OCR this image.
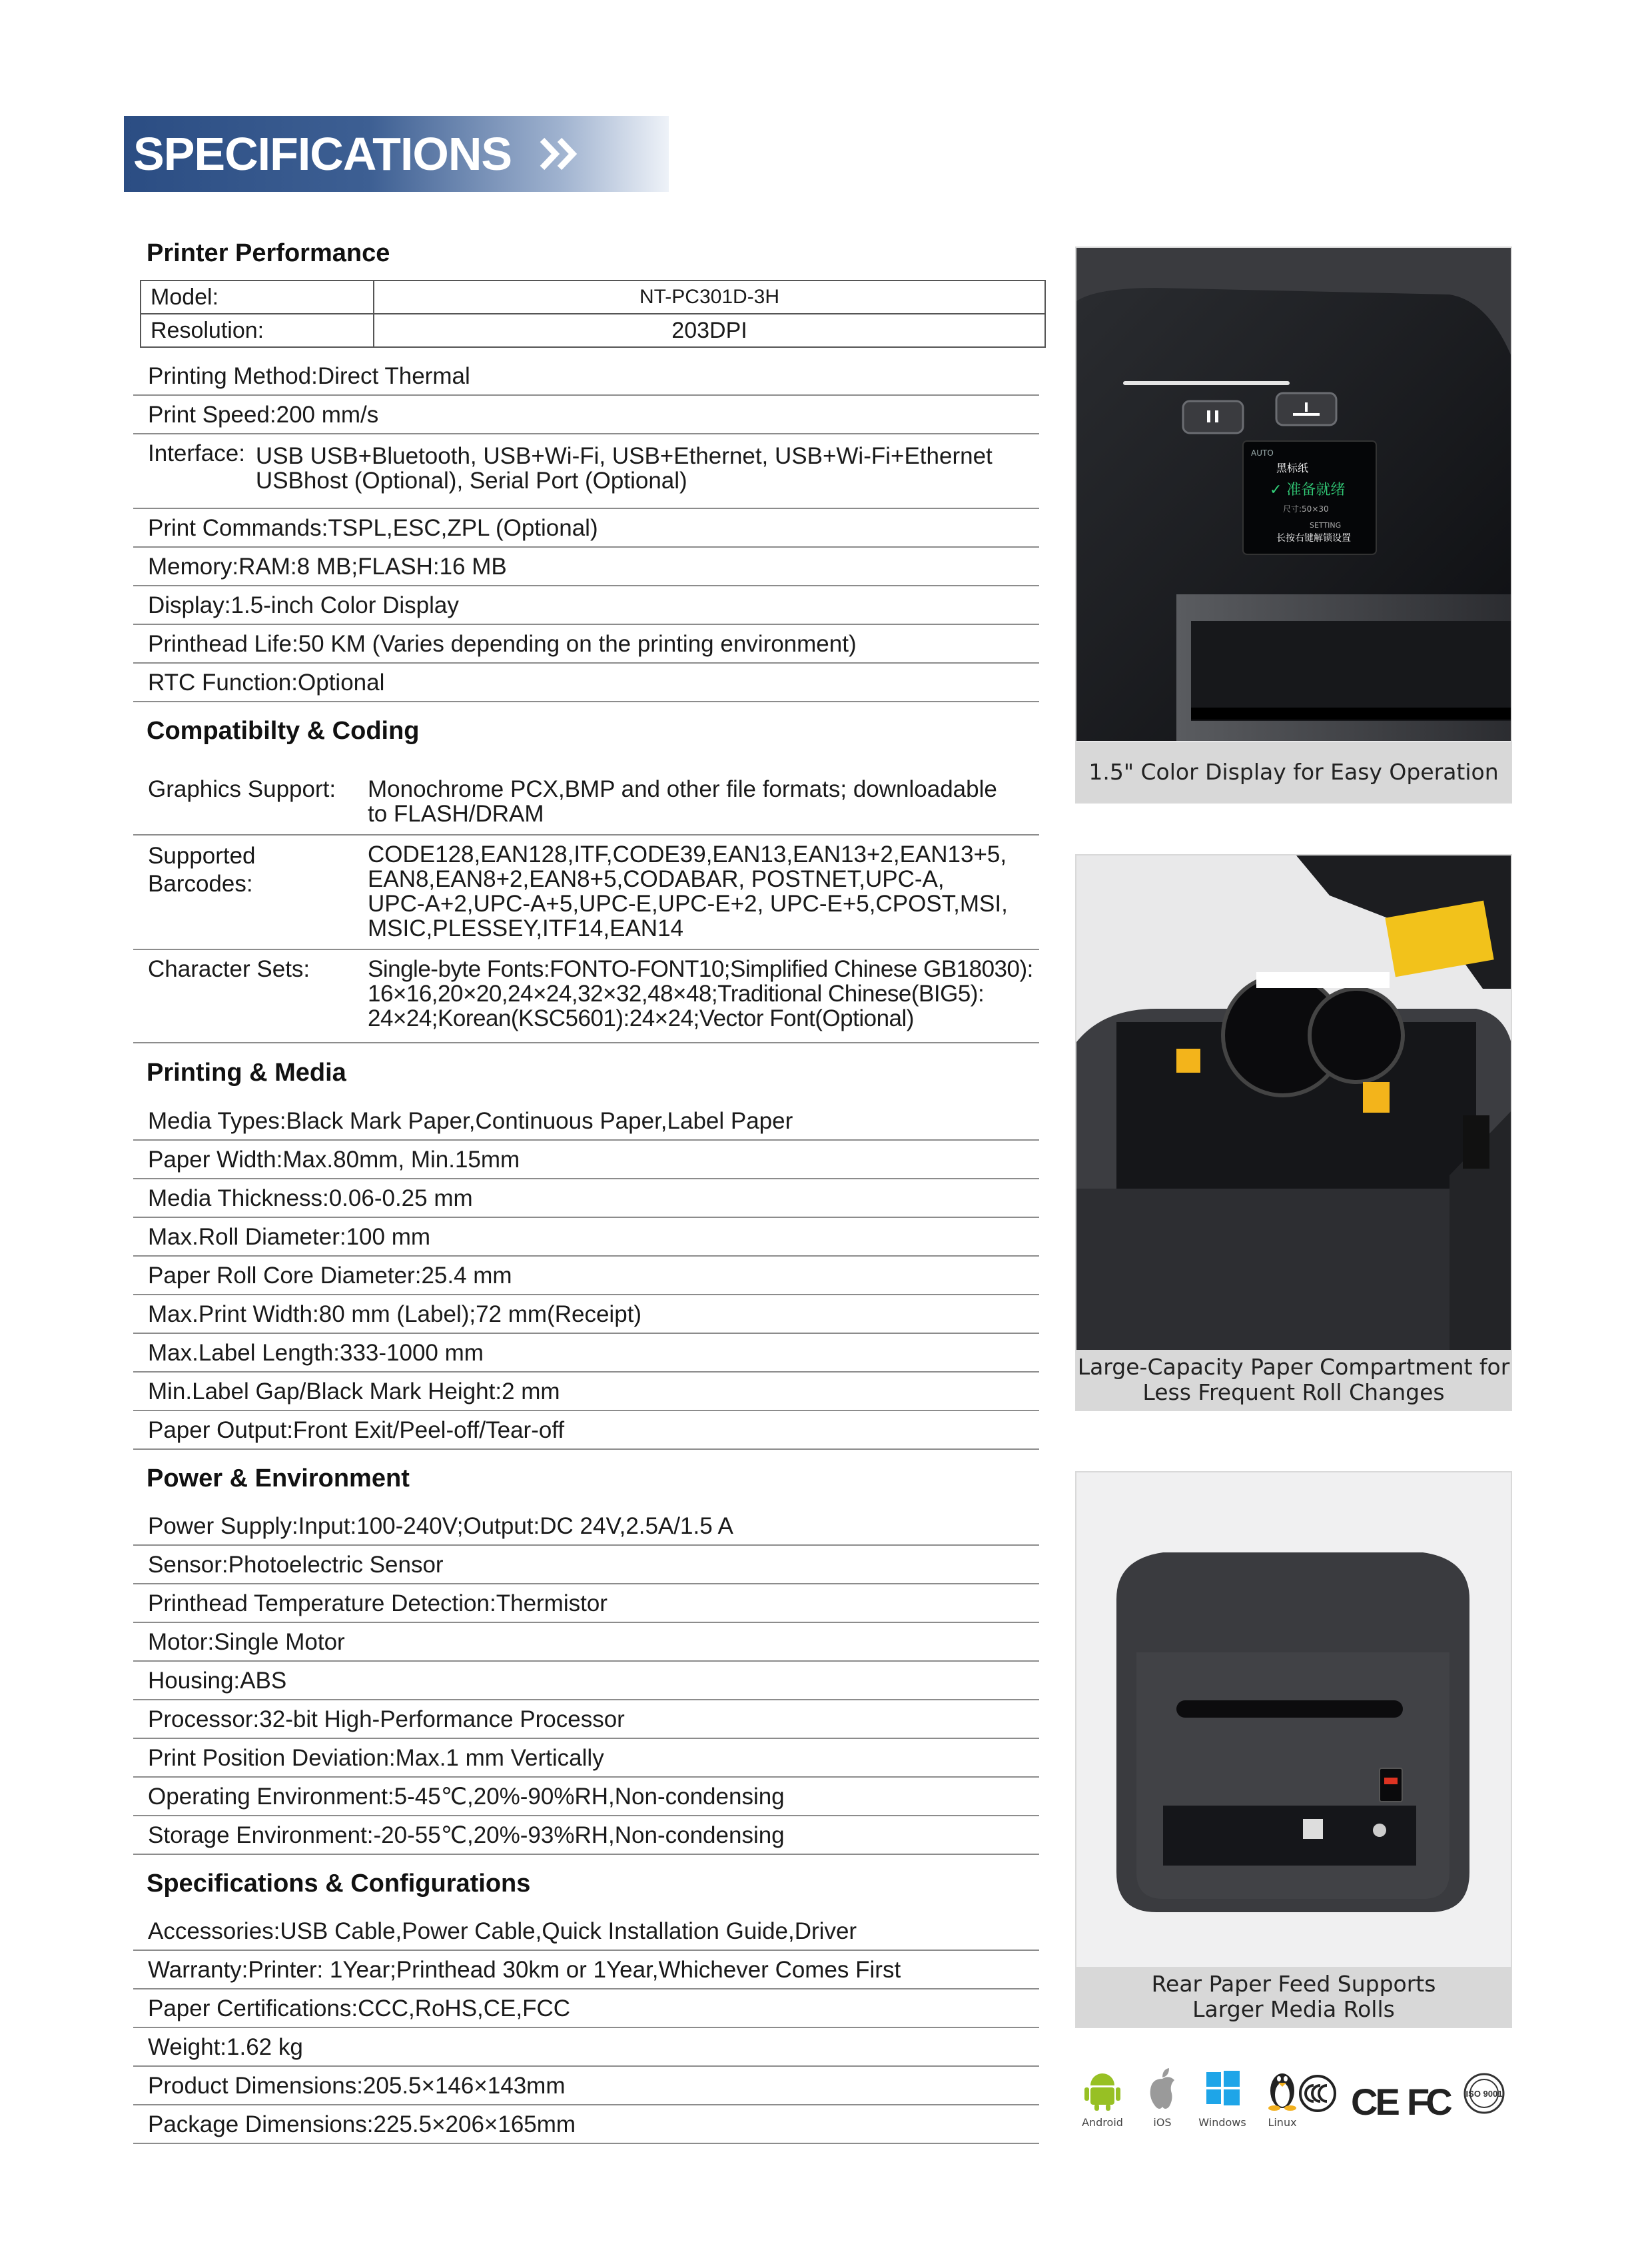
SPECIFICATIONS
Printer Performance
Model:	NT-PC301D-3H
Resolution:	203DPI
Printing Method: Direct Thermal
Print Speed: 200 mm/s
Interface: USB USB+Bluetooth, USB+Wi-Fi, USB+Ethernet, USB+Wi-Fi+Ethernet
USBhost (Optional), Serial Port (Optional)
Print Commands: TSPL,ESC,ZPL (Optional)
Memory: RAM:8 MB;FLASH:16 MB
Display: 1.5-inch Color Display
Printhead Life: 50 KM (Varies depending on the printing environment)
RTC Function: Optional
Compatibilty & Coding
Graphics Support:	Monochrome PCX,BMP and other file formats; downloadable
to FLASH/DRAM
Supported
Barcodes:
CODE128,EAN128,ITF,CODE39,EAN13,EAN13+2,EAN13+5,
EAN8,EAN8+2,EAN8+5,CODABAR, POSTNET,UPC-A,
UPC-A+2,UPC-A+5,UPC-E,UPC-E+2, UPC-E+5,CPOST,MSI,
MSIC,PLESSEY,ITF14,EAN14
Character Sets:	Single-byte Fonts:FONTO-FONT10;Simplified Chinese GB18030):
16×16,20×20,24×24,32×32,48×48;Traditional Chinese(BIG5):
24×24;Korean(KSC5601):24×24;Vector Font(Optional)
Printing & Media
Media Types: Black Mark Paper,Continuous Paper,Label Paper
Paper Width: Max.80mm, Min.15mm
Media Thickness: 0.06-0.25 mm
Max.Roll Diameter: 100 mm
Paper Roll Core Diameter: 25.4 mm
Max.Print Width: 80 mm (Label);72 mm(Receipt)
Max.Label Length: 333-1000 mm
Min.Label Gap/Black Mark Height: 2 mm
Paper Output: Front Exit/Peel-off/Tear-off
Power & Environment
Power Supply: Input:100-240V;Output:DC 24V,2.5A/1.5 A
Sensor: Photoelectric Sensor
Printhead Temperature Detection: Thermistor
Motor: Single Motor
Housing: ABS
Processor: 32-bit High-Performance Processor
Print Position Deviation: Max.1 mm Vertically
Operating Environment: 5-45℃,20%-90%RH,Non-condensing
Storage Environment: -20-55℃,20%-93%RH,Non-condensing
Specifications & Configurations
Accessories: USB Cable,Power Cable,Quick Installation Guide,Driver
Warranty: Printer: 1Year;Printhead 30km or 1Year,Whichever Comes First
Paper Certifications: CCC,RoHS,CE,FCC
Weight: 1.62 kg
Product Dimensions: 205.5×146×143mm
Package Dimensions: 225.5×206×165mm
AUTO
黑标纸
✓ 准备就绪
尺寸:50×30
SETTING
长按右键解锁设置
1.5" Color Display for Easy Operation
Large-Capacity Paper Compartment for
Less Frequent Roll Changes
Rear Paper Feed Supports
Larger Media Rolls
Android	iOS	Windows	Linux	CE FC ISO 9001
